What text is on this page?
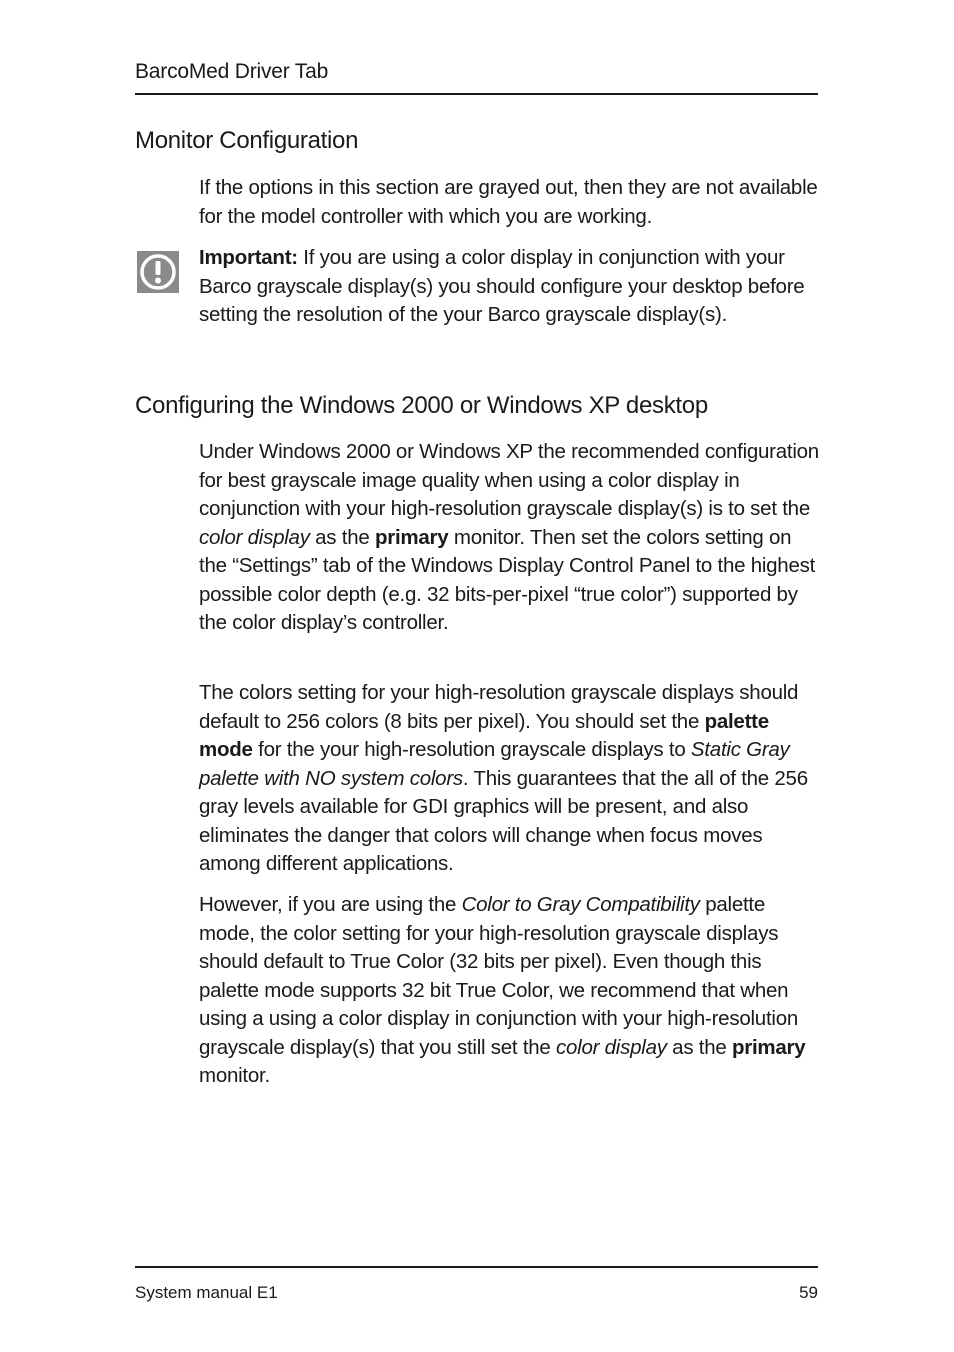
BarcoMed Driver Tab
Monitor Configuration

If the options in this section are grayed out, then they are not available for the model controller with which you are working.

Important: If you are using a color display in conjunction with your Barco grayscale display(s) you should configure your desktop before setting the resolution of the your Barco grayscale display(s).

Configuring the Windows 2000 or Windows XP desktop

Under Windows 2000 or Windows XP the recommended configuration for best grayscale image quality when using a color display in conjunction with your high-resolution grayscale display(s) is to set the color display as the primary monitor. Then set the colors setting on the “Settings” tab of the Windows Display Control Panel to the highest possible color depth (e.g. 32 bits-per-pixel “true color”) supported by the color display’s controller.

The colors setting for your high-resolution grayscale displays should default to 256 colors (8 bits per pixel). You should set the palette mode for the your high-resolution grayscale displays to Static Gray palette with NO system colors. This guarantees that the all of the 256 gray levels available for GDI graphics will be present, and also eliminates the danger that colors will change when focus moves among different applications.

However, if you are using the Color to Gray Compatibility palette mode, the color setting for your high-resolution grayscale displays should default to True Color (32 bits per pixel). Even though this palette mode supports 32 bit True Color, we recommend that when using a using a color display in conjunction with your high-resolution grayscale display(s) that you still set the color display as the primary monitor.

System manual E1	59
